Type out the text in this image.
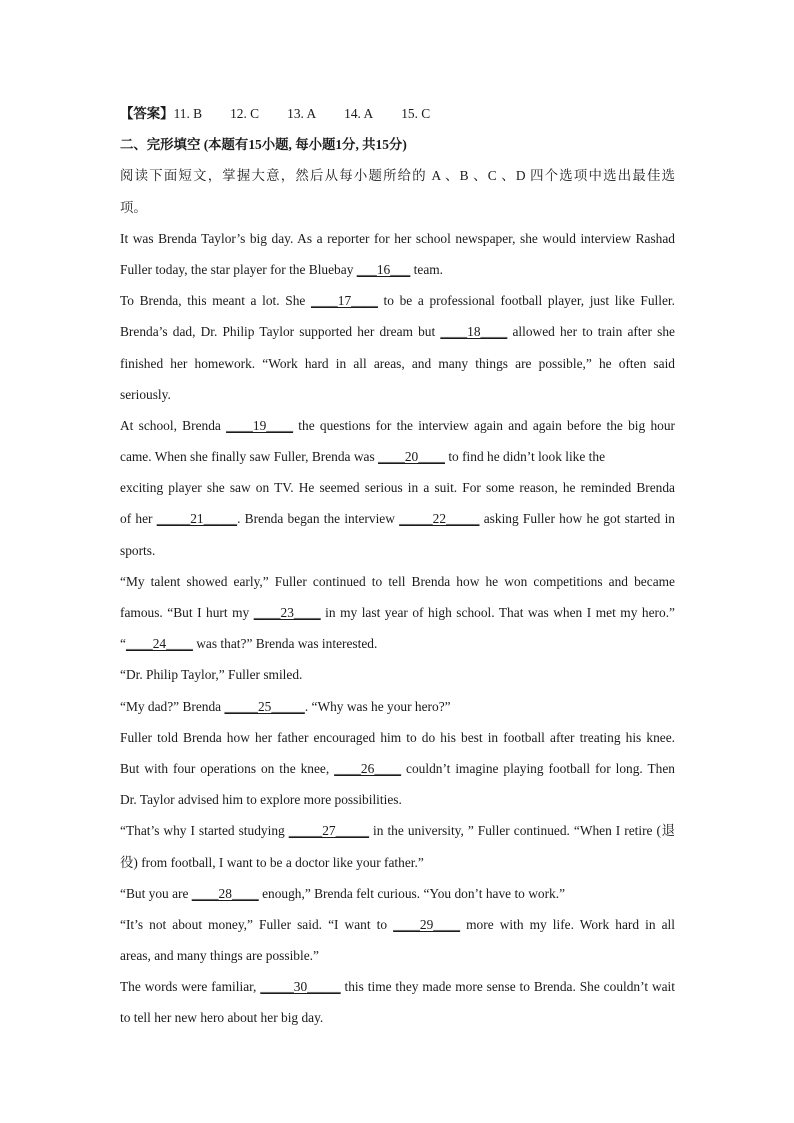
【答案】11. B 12. C 13. A 14. A 15. C
二、完形填空 (本题有15小题, 每小题1分, 共15分)
阅读下面短文，掌握大意，然后从每小题所给的 A 、B 、C 、D 四个选项中选出最佳选
项。
It was Brenda Taylor’s big day. As a reporter for her school newspaper, she would interview Rashad
Fuller today, the star player for the Bluebay ___16___ team.
To Brenda, this meant a lot. She ____17____ to be a professional football player, just like Fuller.
Brenda’s dad, Dr. Philip Taylor supported her dream but ____18____ allowed her to train after she
finished her homework. “Work hard in all areas, and many things are possible,” he often said
seriously.
At school, Brenda ____19____ the questions for the interview again and again before the big hour
came. When she finally saw Fuller, Brenda was ____20____ to find he didn’t look like the
exciting player she saw on TV. He seemed serious in a suit. For some reason, he reminded Brenda
of her _____21_____. Brenda began the interview _____22_____ asking Fuller how he got started in
sports.
“My talent showed early,” Fuller continued to tell Brenda how he won competitions and became
famous. “But I hurt my ____23____ in my last year of high school. That was when I met my hero.”
“____24____ was that?” Brenda was interested.
“Dr. Philip Taylor,” Fuller smiled.
“My dad?” Brenda _____25_____. “Why was he your hero?”
Fuller told Brenda how her father encouraged him to do his best in football after treating his knee.
But with four operations on the knee, ____26____ couldn’t imagine playing football for long. Then
Dr. Taylor advised him to explore more possibilities.
“That’s why I started studying _____27_____ in the university, ” Fuller continued. “When I retire (退
役) from football, I want to be a doctor like your father.”
“But you are ____28____ enough,” Brenda felt curious. “You don’t have to work.”
“It’s not about money,” Fuller said. “I want to ____29____ more with my life. Work hard in all
areas, and many things are possible.”
The words were familiar, _____30_____ this time they made more sense to Brenda. She couldn’t wait
to tell her new hero about her big day.
